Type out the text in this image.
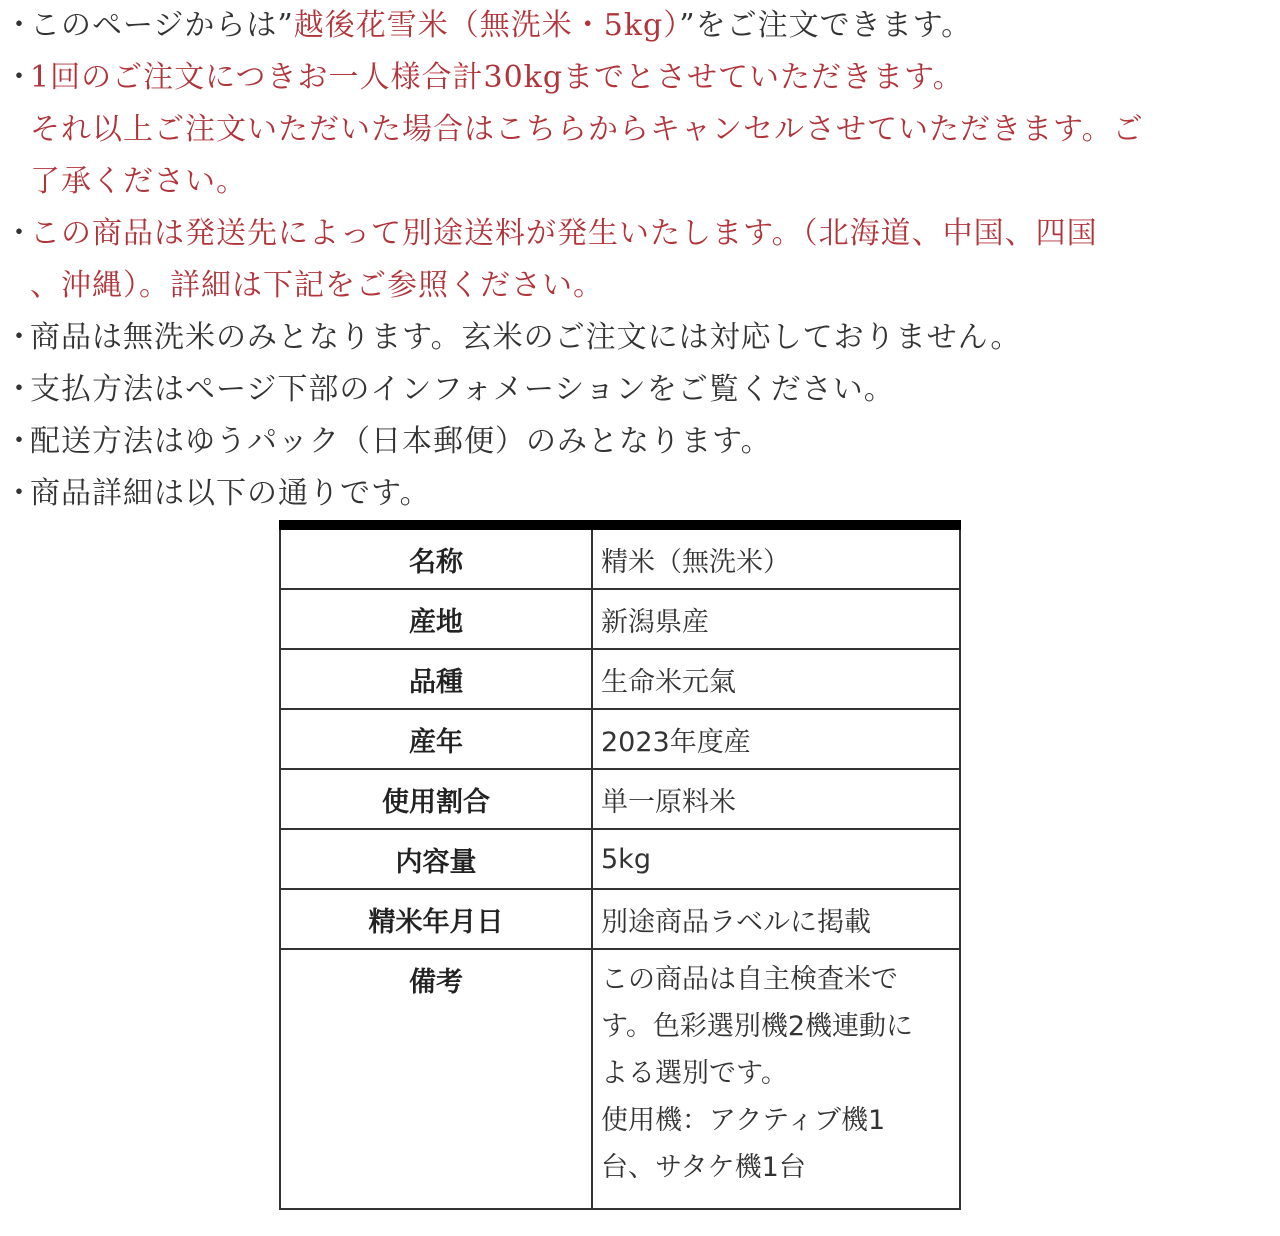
・
このページからは”越後花雪米（無洗米・5kg）”をご注文できます。
・
1回のご注文につきお一人様合計30kgまでとさせていただきます。
それ以上ご注文いただいた場合はこちらからキャンセルさせていただきます。ご
了承ください。
・
この商品は発送先によって別途送料が発生いたします。（北海道、中国、四国
、沖縄）。詳細は下記をご参照ください。
・
商品は無洗米のみとなります。玄米のご注文には対応しておりません。
・
支払方法はページ下部のインフォメーションをご覧ください。
・
配送方法はゆうパック（日本郵便）のみとなります。
・
商品詳細は以下の通りです。
名称	精米（無洗米）
産地	新潟県産
品種	生命米元氣
産年	2023年度産
使用割合	単一原料米
内容量	5kg
精米年月日	別途商品ラベルに掲載
備考	この商品は自主検査米で
す。色彩選別機2機連動に
よる選別です。
使用機：アクティブ機1
台、サタケ機1台
